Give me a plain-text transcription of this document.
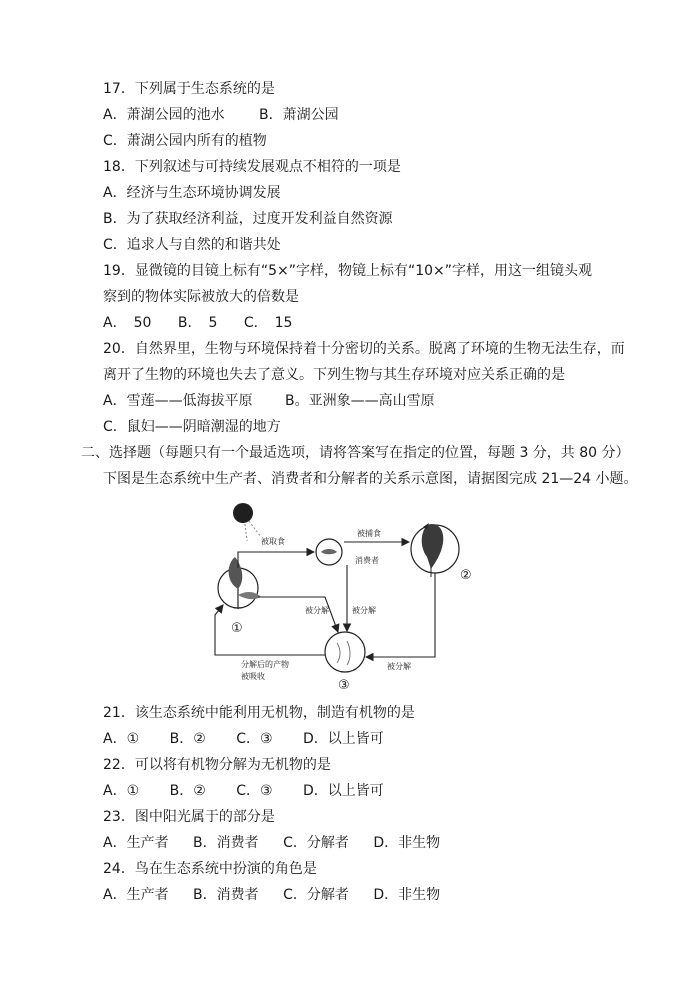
17．下列属于生态系统的是
A．萧湖公园的池水 B．萧湖公园
C．萧湖公园内所有的植物
18．下列叙述与可持续发展观点不相符的一项是
A．经济与生态环境协调发展
B．为了获取经济利益，过度开发利益自然资源
C．追求人与自然的和谐共处
19．显微镜的目镜上标有“5×”字样，物镜上标有“10×”字样，用这一组镜头观
察到的物体实际被放大的倍数是
A．　50 B．　5 C．　15
20．自然界里，生物与环境保持着十分密切的关系。脱离了环境的生物无法生存，而
离开了生物的环境也失去了意义。下列生物与其生存环境对应关系正确的是
A．雪莲——低海拔平原 B。亚洲象——高山雪原
C．鼠妇——阴暗潮湿的地方
二、选择题（每题只有一个最适选项，请将答案写在指定的位置，每题 3 分，共 80 分）
下图是生态系统中生产者、消费者和分解者的关系示意图，请据图完成 21—24 小题。
①
②
③
被取食
被捕食
消费者
被分解	被分解
被分解
分解后的产物
被吸收
21．该生态系统中能利用无机物，制造有机物的是
A．① B．② C．③ D．以上皆可
22．可以将有机物分解为无机物的是
A．① B．② C．③ D．以上皆可
23．图中阳光属于的部分是
A．生产者 B．消费者 C．分解者 D．非生物
24．鸟在生态系统中扮演的角色是
A．生产者 B．消费者 C．分解者 D．非生物
